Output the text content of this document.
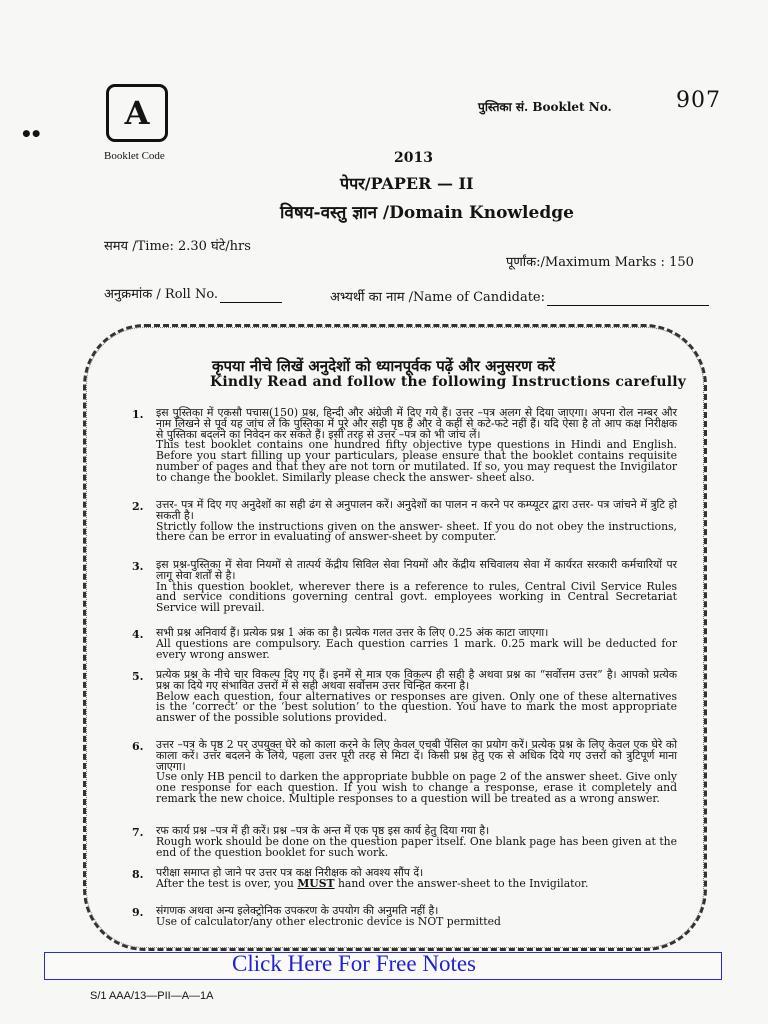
A
Booklet Code
••
पुस्तिका सं. Booklet No.	907
2013
पेपर/PAPER — II
विषय-वस्तु ज्ञान /Domain Knowledge
समय /Time: 2.30 घंटे/hrs
पूर्णांक:/Maximum Marks : 150
अनुक्रमांक / Roll No.	अभ्यर्थी का नाम /Name of Candidate:
कृपया नीचे लिखें अनुदेशों को ध्यानपूर्वक पढ़ें और अनुसरण करें
Kindly Read and follow the following Instructions carefully
1. इस पुस्तिका में एकसौ पचास(150) प्रश्न, हिन्दी और अंग्रेजी में दिए गये हैं। उत्तर –पत्र अलग से दिया जाएगा। अपना रोल नम्बर और नाम लिखने से पूर्व यह जांच लें कि पुस्तिका में पूरे और सही पृष्ठ हैं और वे कहीं से कटे-फटे नहीं हैं। यदि ऐसा है तो आप कक्ष निरीक्षक से पुस्तिका बदलने का निवेदन कर सकते हैं। इसी तरह से उत्तर –पत्र को भी जांच लें।

This test booklet contains one hundred fifty objective type questions in Hindi and English. Before you start filling up your particulars, please ensure that the booklet contains requisite number of pages and that they are not torn or mutilated. If so, you may request the Invigilator to change the booklet. Similarly please check the answer- sheet also.

2. उत्तर- पत्र में दिए गए अनुदेशों का सही ढंग से अनुपालन करें। अनुदेशों का पालन न करने पर कम्प्यूटर द्वारा उत्तर- पत्र जांचने में त्रुटि हो सकती है।

Strictly follow the instructions given on the answer- sheet. If you do not obey the instructions, there can be error in evaluating of answer-sheet by computer.

3. इस प्रश्न-पुस्तिका में सेवा नियमों से तात्पर्य केंद्रीय सिविल सेवा नियमों और केंद्रीय सचिवालय सेवा में कार्यरत सरकारी कर्मचारियों पर लागू सेवा शर्तों से है।

In this question booklet, wherever there is a reference to rules, Central Civil Service Rules and service conditions governing central govt. employees working in Central Secretariat Service will prevail.

4. सभी प्रश्न अनिवार्य हैं। प्रत्येक प्रश्न 1 अंक का है। प्रत्येक गलत उत्तर के लिए 0.25 अंक काटा जाएगा।

All questions are compulsory. Each question carries 1 mark. 0.25 mark will be deducted for every wrong answer.

5. प्रत्येक प्रश्न के नीचे चार विकल्प दिए गए हैं। इनमें से मात्र एक विकल्प ही सही है अथवा प्रश्न का “सर्वोत्तम उत्तर” है। आपको प्रत्येक प्रश्न का दिये गए संभावित उत्तरों में से सही अथवा सर्वोत्तम उत्तर चिन्हित करना है।

Below each question, four alternatives or responses are given. Only one of these alternatives is the ‘correct’ or the ‘best solution’ to the question. You have to mark the most appropriate answer of the possible solutions provided.

6. उत्तर –पत्र के पृष्ठ 2 पर उपयुक्त घेरे को काला करने के लिए केवल एचबी पेंसिल का प्रयोग करें। प्रत्येक प्रश्न के लिए केवल एक घेरे को काला करें। उत्तर बदलने के लिये, पहला उत्तर पूरी तरह से मिटा दें। किसी प्रश्न हेतु एक से अधिक दिये गए उत्तरों को त्रुटिपूर्ण माना जाएगा।

Use only HB pencil to darken the appropriate bubble on page 2 of the answer sheet. Give only one response for each question. If you wish to change a response, erase it completely and remark the new choice. Multiple responses to a question will be treated as a wrong answer.

7. रफ कार्य प्रश्न –पत्र में ही करें। प्रश्न –पत्र के अन्त में एक पृष्ठ इस कार्य हेतु दिया गया है।

Rough work should be done on the question paper itself. One blank page has been given at the end of the question booklet for such work.

8. परीक्षा समाप्त हो जाने पर उत्तर पत्र कक्ष निरीक्षक को अवश्य सौंप दें।

After the test is over, you MUST hand over the answer-sheet to the Invigilator.

9. संगणक अथवा अन्य इलेक्ट्रोनिक उपकरण के उपयोग की अनुमति नहीं है।

Use of calculator/any other electronic device is NOT permitted

Click Here For Free Notes
S/1 AAA/13—PII—A—1A
